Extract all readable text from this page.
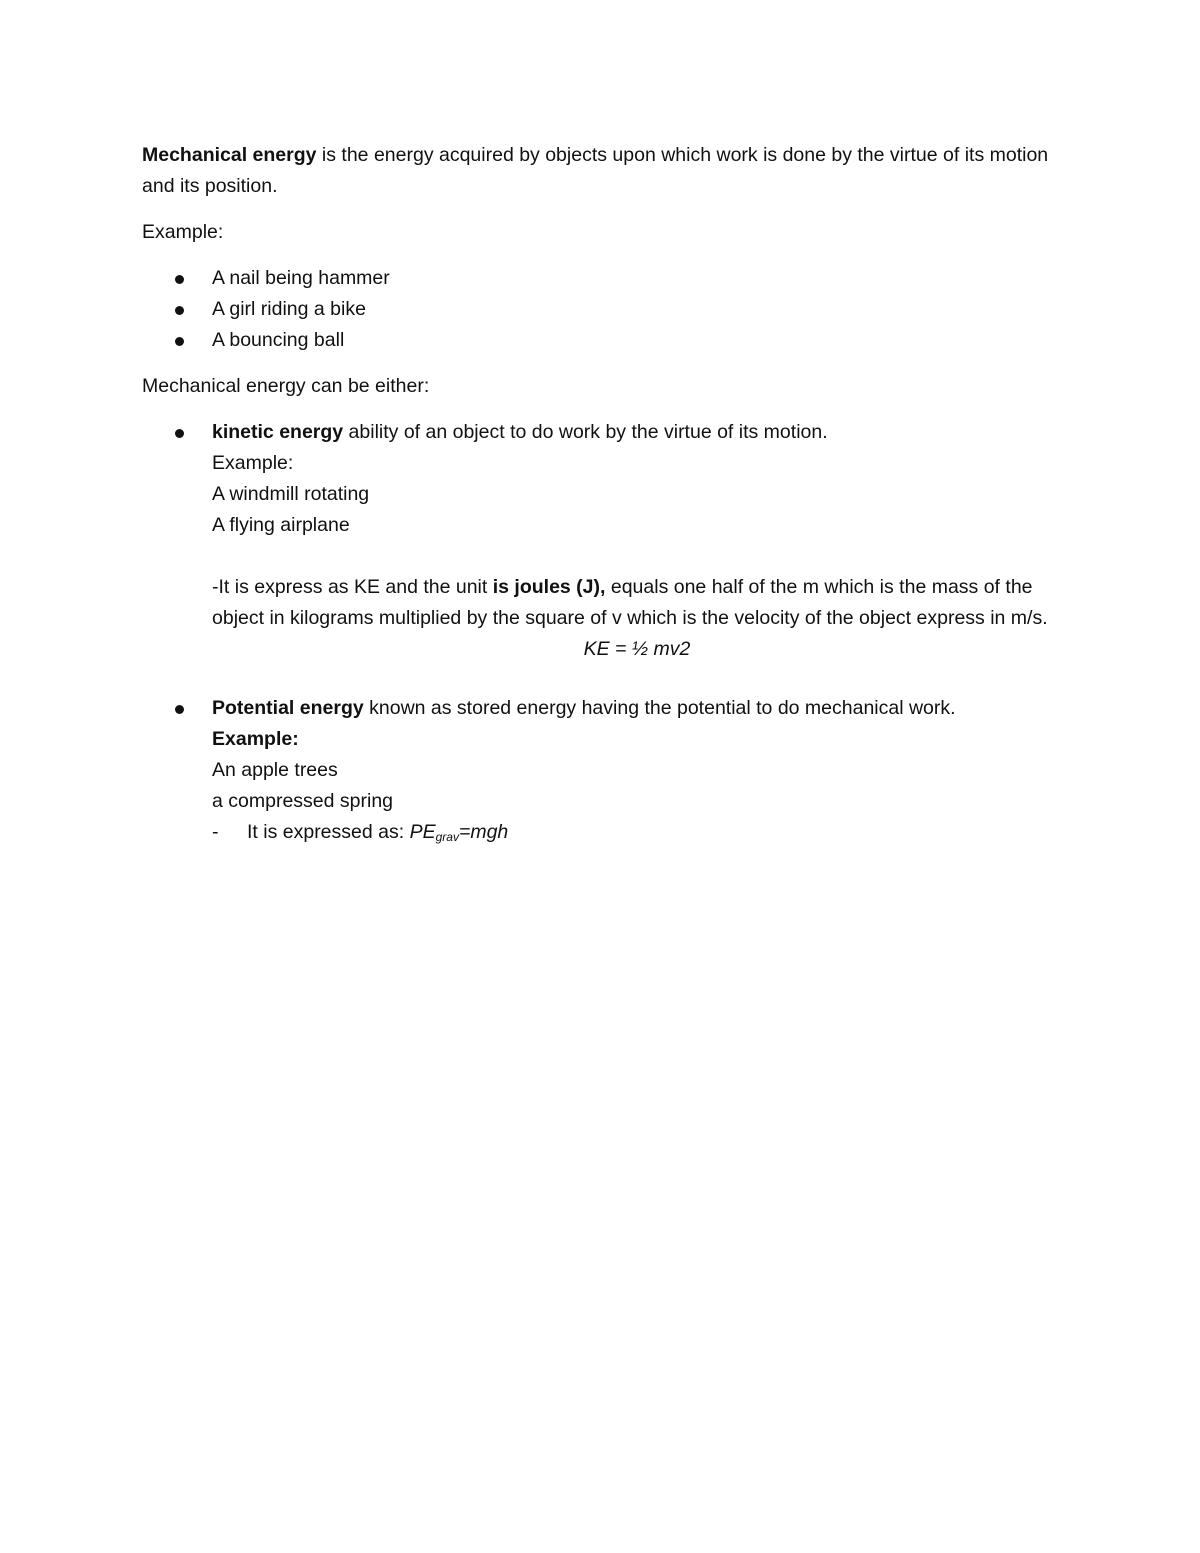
Mechanical energy is the energy acquired by objects upon which work is done by the virtue of its motion and its position.

Example:

A nail being hammer
A girl riding a bike
A bouncing ball

Mechanical energy can be either:

kinetic energy ability of an object to do work by the virtue of its motion.

Example:

A windmill rotating

A flying airplane

-It is express as KE and the unit is joules (J), equals one half of the m which is the mass of the object in kilograms multiplied by the square of v which is the velocity of the object express in m/s.

KE = ½ mv2

Potential energy known as stored energy having the potential to do mechanical work.

Example:

An apple trees

a compressed spring

- It is expressed as: $PE_{grav}=mgh$
